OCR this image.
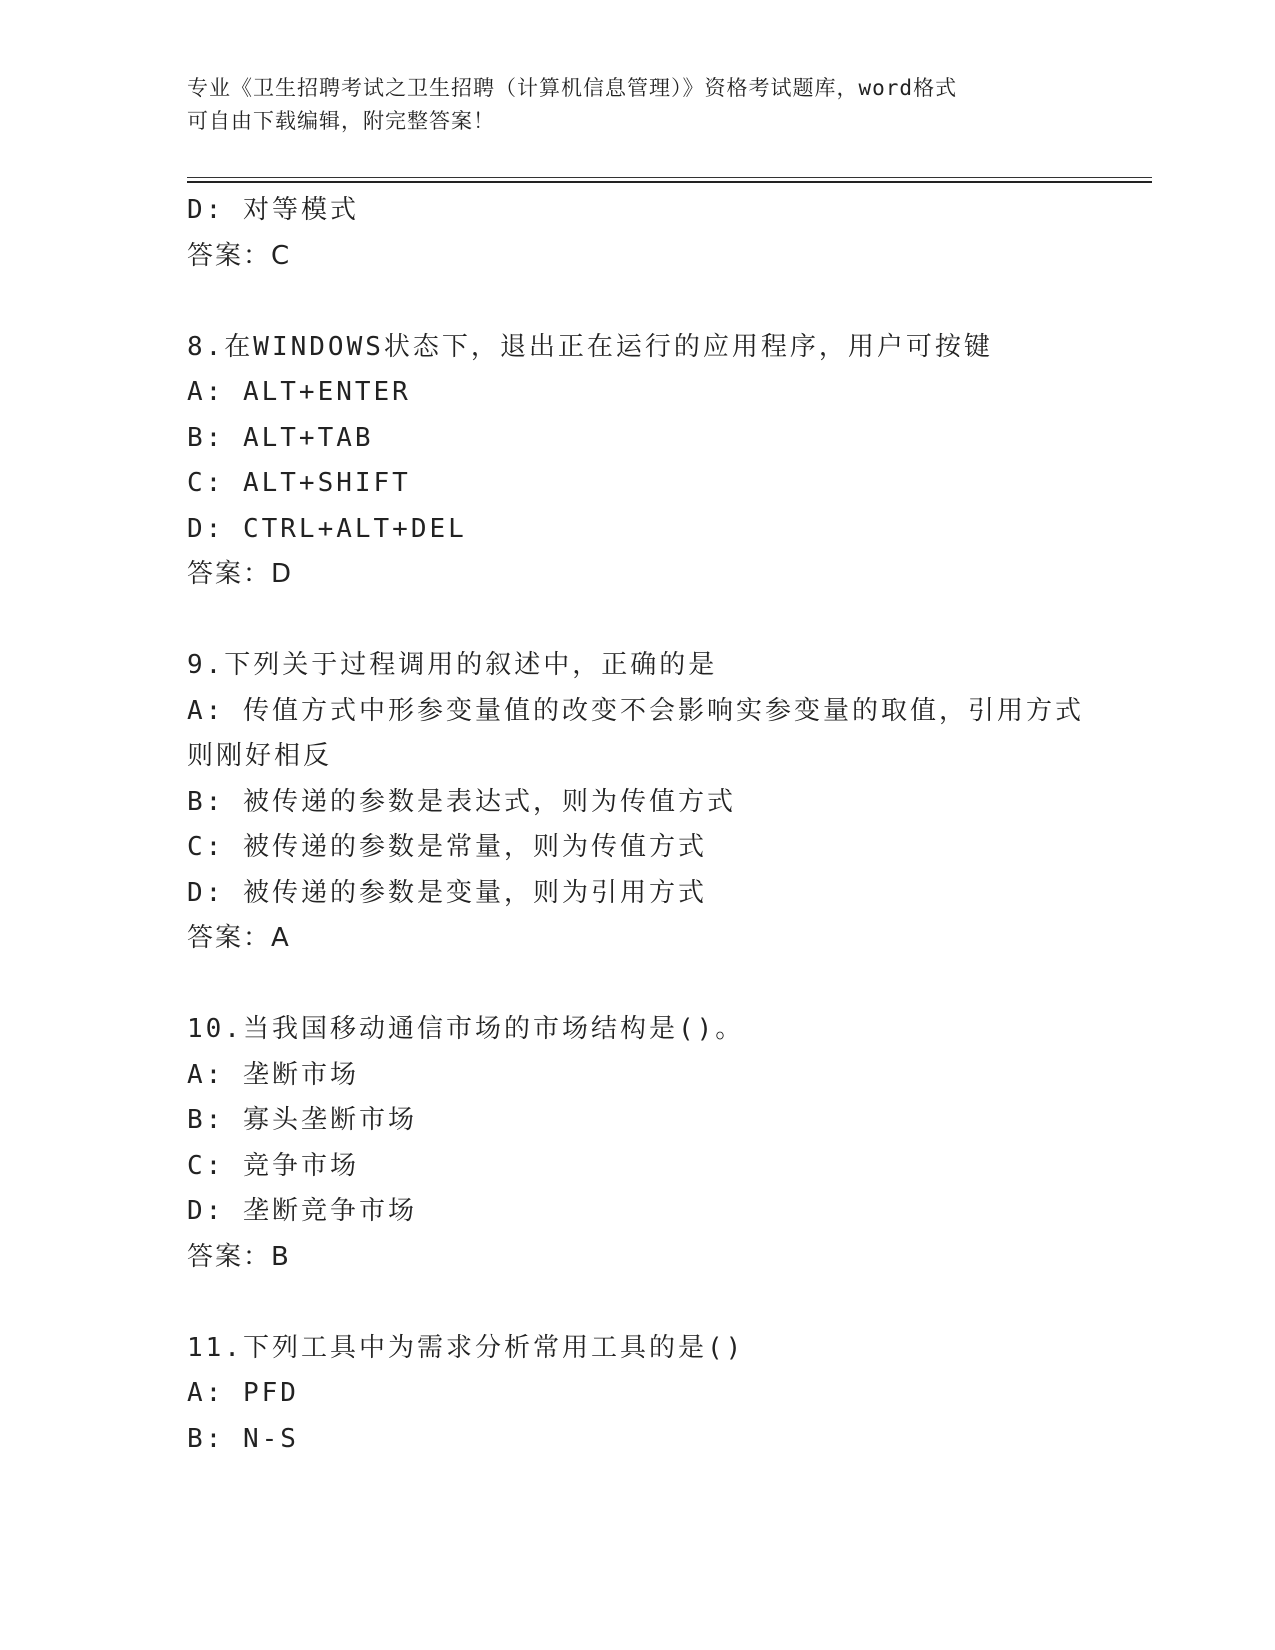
专业《卫生招聘考试之卫生招聘（计算机信息管理）》资格考试题库，word格式
可自由下载编辑，附完整答案！
D: 对等模式
答案：C
8.在WINDOWS状态下，退出正在运行的应用程序，用户可按键
A: ALT+ENTER
B: ALT+TAB
C: ALT+SHIFT
D: CTRL+ALT+DEL
答案：D
9.下列关于过程调用的叙述中，正确的是
A: 传值方式中形参变量值的改变不会影响实参变量的取值，引用方式
则刚好相反
B: 被传递的参数是表达式，则为传值方式
C: 被传递的参数是常量，则为传值方式
D: 被传递的参数是变量，则为引用方式
答案：A
10.当我国移动通信市场的市场结构是()。
A: 垄断市场
B: 寡头垄断市场
C: 竞争市场
D: 垄断竞争市场
答案：B
11.下列工具中为需求分析常用工具的是()
A: PFD
B: N-S
